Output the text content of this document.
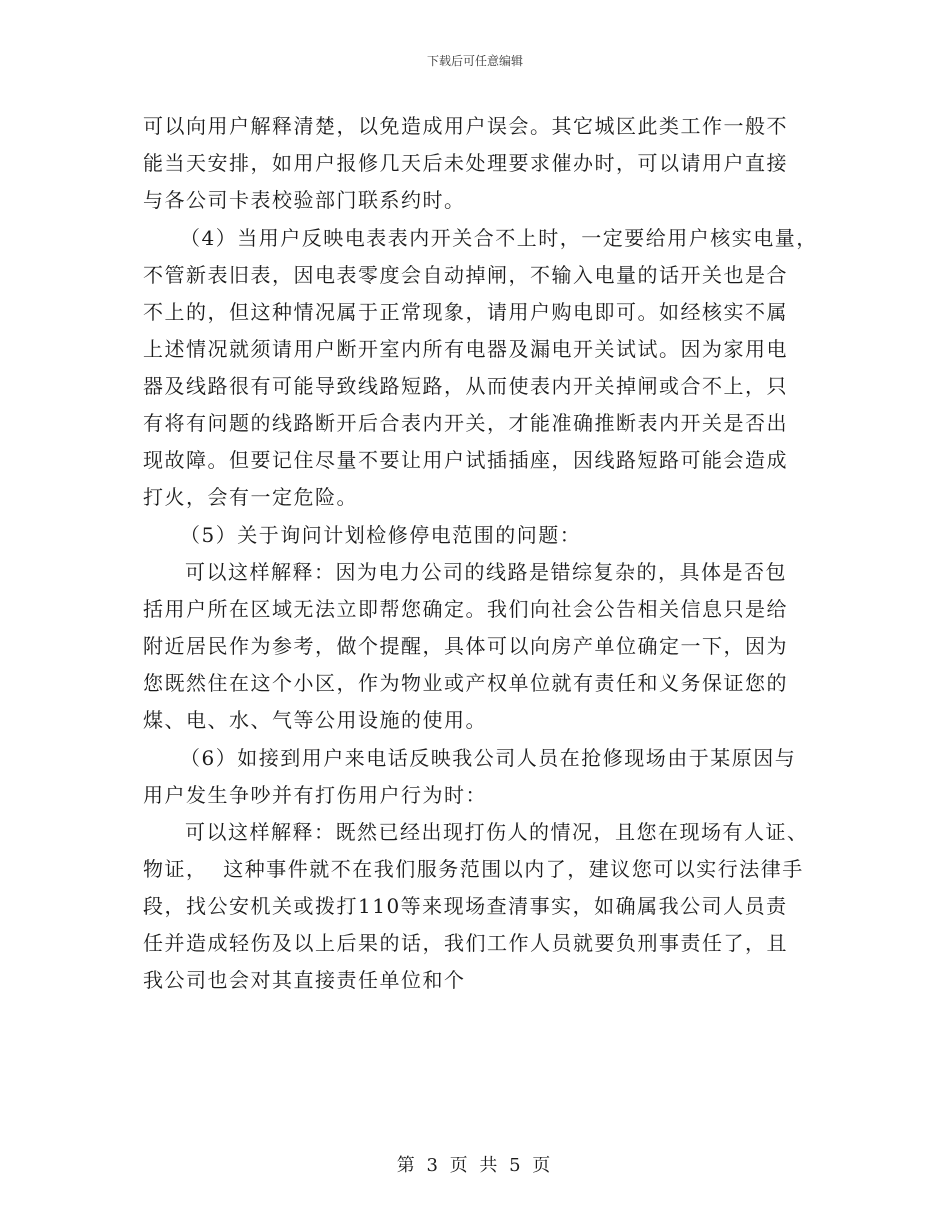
下载后可任意编辑
可以向用户解释清楚，以免造成用户误会。其它城区此类工作一般不
能当天安排，如用户报修几天后未处理要求催办时，可以请用户直接
与各公司卡表校验部门联系约时。
（4）当用户反映电表表内开关合不上时，一定要给用户核实电量，
不管新表旧表，因电表零度会自动掉闸，不输入电量的话开关也是合
不上的，但这种情况属于正常现象，请用户购电即可。如经核实不属
上述情况就须请用户断开室内所有电器及漏电开关试试。因为家用电
器及线路很有可能导致线路短路，从而使表内开关掉闸或合不上，只
有将有问题的线路断开后合表内开关，才能准确推断表内开关是否出
现故障。但要记住尽量不要让用户试插插座，因线路短路可能会造成
打火，会有一定危险。
（5）关于询问计划检修停电范围的问题：
可以这样解释：因为电力公司的线路是错综复杂的，具体是否包
括用户所在区域无法立即帮您确定。我们向社会公告相关信息只是给
附近居民作为参考，做个提醒，具体可以向房产单位确定一下，因为
您既然住在这个小区，作为物业或产权单位就有责任和义务保证您的
煤、电、水、气等公用设施的使用。
（6）如接到用户来电话反映我公司人员在抢修现场由于某原因与
用户发生争吵并有打伤用户行为时：
可以这样解释：既然已经出现打伤人的情况，且您在现场有人证、
物证，  这种事件就不在我们服务范围以内了，建议您可以实行法律手
段，找公安机关或拨打110等来现场查清事实，如确属我公司人员责
任并造成轻伤及以上后果的话，我们工作人员就要负刑事责任了，且
我公司也会对其直接责任单位和个
第 3 页 共 5 页
